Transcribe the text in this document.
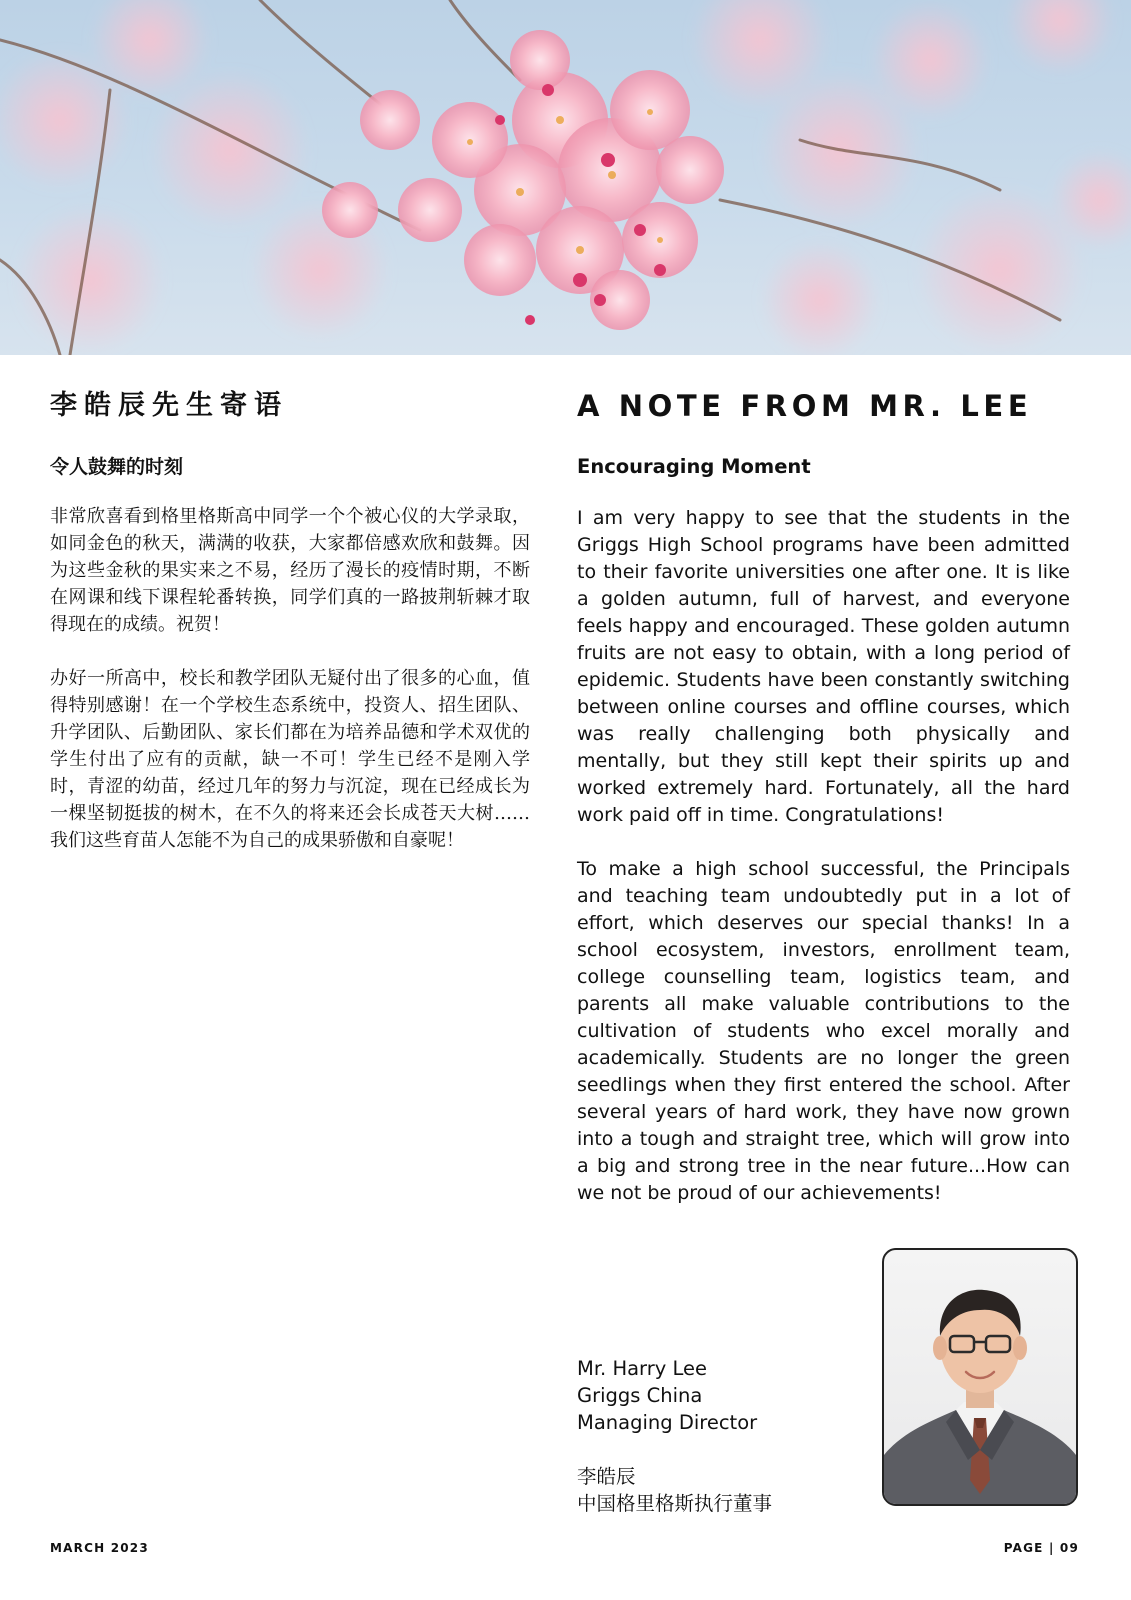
李皓辰先生寄语
令人鼓舞的时刻

非常欣喜看到格里格斯高中同学一个个被心仪的大学录取，如同金色的秋天，满满的收获，大家都倍感欢欣和鼓舞。因为这些金秋的果实来之不易，经历了漫长的疫情时期，不断在网课和线下课程轮番转换，同学们真的一路披荆斩棘才取得现在的成绩。祝贺！

办好一所高中，校长和教学团队无疑付出了很多的心血，值得特别感谢！在一个学校生态系统中，投资人、招生团队、升学团队、后勤团队、家长们都在为培养品德和学术双优的学生付出了应有的贡献，缺一不可！学生已经不是刚入学时，青涩的幼苗，经过几年的努力与沉淀，现在已经成长为一棵坚韧挺拔的树木，在不久的将来还会长成苍天大树……我们这些育苗人怎能不为自己的成果骄傲和自豪呢！

A NOTE FROM MR. LEE
Encouraging Moment

I am very happy to see that the students in the Griggs High School programs have been admitted to their favorite universities one after one. It is like a golden autumn, full of harvest, and everyone feels happy and encouraged. These golden autumn fruits are not easy to obtain, with a long period of epidemic. Students have been constantly switching between online courses and offline courses, which was really challenging both physically and mentally, but they still kept their spirits up and worked extremely hard. Fortunately, all the hard work paid off in time. Congratulations!

To make a high school successful, the Principals and teaching team undoubtedly put in a lot of effort, which deserves our special thanks! In a school ecosystem, investors, enrollment team, college counselling team, logistics team, and parents all make valuable contributions to the cultivation of students who excel morally and academically. Students are no longer the green seedlings when they first entered the school. After several years of hard work, they have now grown into a tough and straight tree, which will grow into a big and strong tree in the near future...How can we not be proud of our achievements!

Mr. Harry Lee
Griggs China
Managing Director
李皓辰
中国格里格斯执行董事
MARCH 2023	PAGE | 09
